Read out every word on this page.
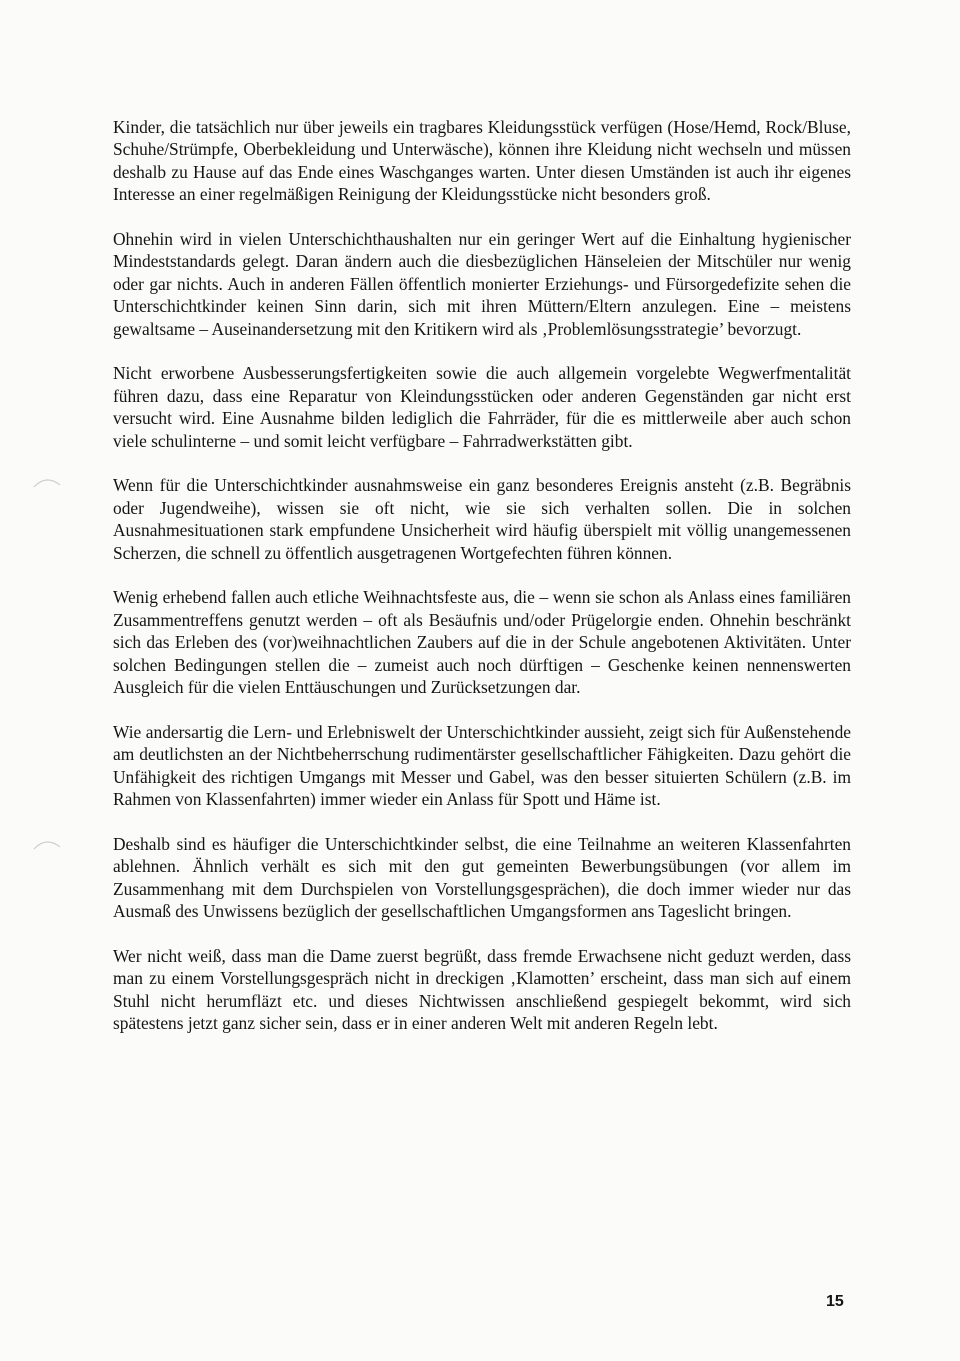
Kinder, die tatsächlich nur über jeweils ein tragbares Kleidungsstück verfügen (Hose/Hemd, Rock/Bluse, Schuhe/Strümpfe, Oberbekleidung und Unterwäsche), können ihre Kleidung nicht wechseln und müssen deshalb zu Hause auf das Ende eines Waschganges warten. Unter diesen Umständen ist auch ihr eigenes Interesse an einer regelmäßigen Reinigung der Kleidungsstücke nicht besonders groß.

Ohnehin wird in vielen Unterschichthaushalten nur ein geringer Wert auf die Einhaltung hygienischer Mindeststandards gelegt. Daran ändern auch die diesbezüglichen Hänseleien der Mitschüler nur wenig oder gar nichts. Auch in anderen Fällen öffentlich monierter Erziehungs- und Fürsorgedefizite sehen die Unterschichtkinder keinen Sinn darin, sich mit ihren Müttern/Eltern anzulegen. Eine – meistens gewaltsame – Auseinandersetzung mit den Kritikern wird als ‚Problemlösungsstrategie’ bevorzugt.

Nicht erworbene Ausbesserungsfertigkeiten sowie die auch allgemein vorgelebte Wegwerfmentalität führen dazu, dass eine Reparatur von Kleindungsstücken oder anderen Gegenständen gar nicht erst versucht wird. Eine Ausnahme bilden lediglich die Fahrräder, für die es mittlerweile aber auch schon viele schulinterne – und somit leicht verfügbare – Fahrradwerkstätten gibt.

Wenn für die Unterschichtkinder ausnahmsweise ein ganz besonderes Ereignis ansteht (z.B. Begräbnis oder Jugendweihe), wissen sie oft nicht, wie sie sich verhalten sollen. Die in solchen Ausnahmesituationen stark empfundene Unsicherheit wird häufig überspielt mit völlig unangemessenen Scherzen, die schnell zu öffentlich ausgetragenen Wortgefechten führen können.

Wenig erhebend fallen auch etliche Weihnachtsfeste aus, die – wenn sie schon als Anlass eines familiären Zusammentreffens genutzt werden – oft als Besäufnis und/oder Prügelorgie enden. Ohnehin beschränkt sich das Erleben des (vor)weihnachtlichen Zaubers auf die in der Schule angebotenen Aktivitäten. Unter solchen Bedingungen stellen die – zumeist auch noch dürftigen – Geschenke keinen nennenswerten Ausgleich für die vielen Enttäuschungen und Zurücksetzungen dar.

Wie andersartig die Lern- und Erlebniswelt der Unterschichtkinder aussieht, zeigt sich für Außenstehende am deutlichsten an der Nichtbeherrschung rudimentärster gesellschaftlicher Fähigkeiten. Dazu gehört die Unfähigkeit des richtigen Umgangs mit Messer und Gabel, was den besser situierten Schülern (z.B. im Rahmen von Klassenfahrten) immer wieder ein Anlass für Spott und Häme ist.

Deshalb sind es häufiger die Unterschichtkinder selbst, die eine Teilnahme an weiteren Klassenfahrten ablehnen. Ähnlich verhält es sich mit den gut gemeinten Bewerbungsübungen (vor allem im Zusammenhang mit dem Durchspielen von Vorstellungsgesprächen), die doch immer wieder nur das Ausmaß des Unwissens bezüglich der gesellschaftlichen Umgangsformen ans Tageslicht bringen.

Wer nicht weiß, dass man die Dame zuerst begrüßt, dass fremde Erwachsene nicht geduzt werden, dass man zu einem Vorstellungsgespräch nicht in dreckigen ‚Klamotten’ erscheint, dass man sich auf einem Stuhl nicht herumfläzt etc. und dieses Nichtwissen anschließend gespiegelt bekommt, wird sich spätestens jetzt ganz sicher sein, dass er in einer anderen Welt mit anderen Regeln lebt.

15
